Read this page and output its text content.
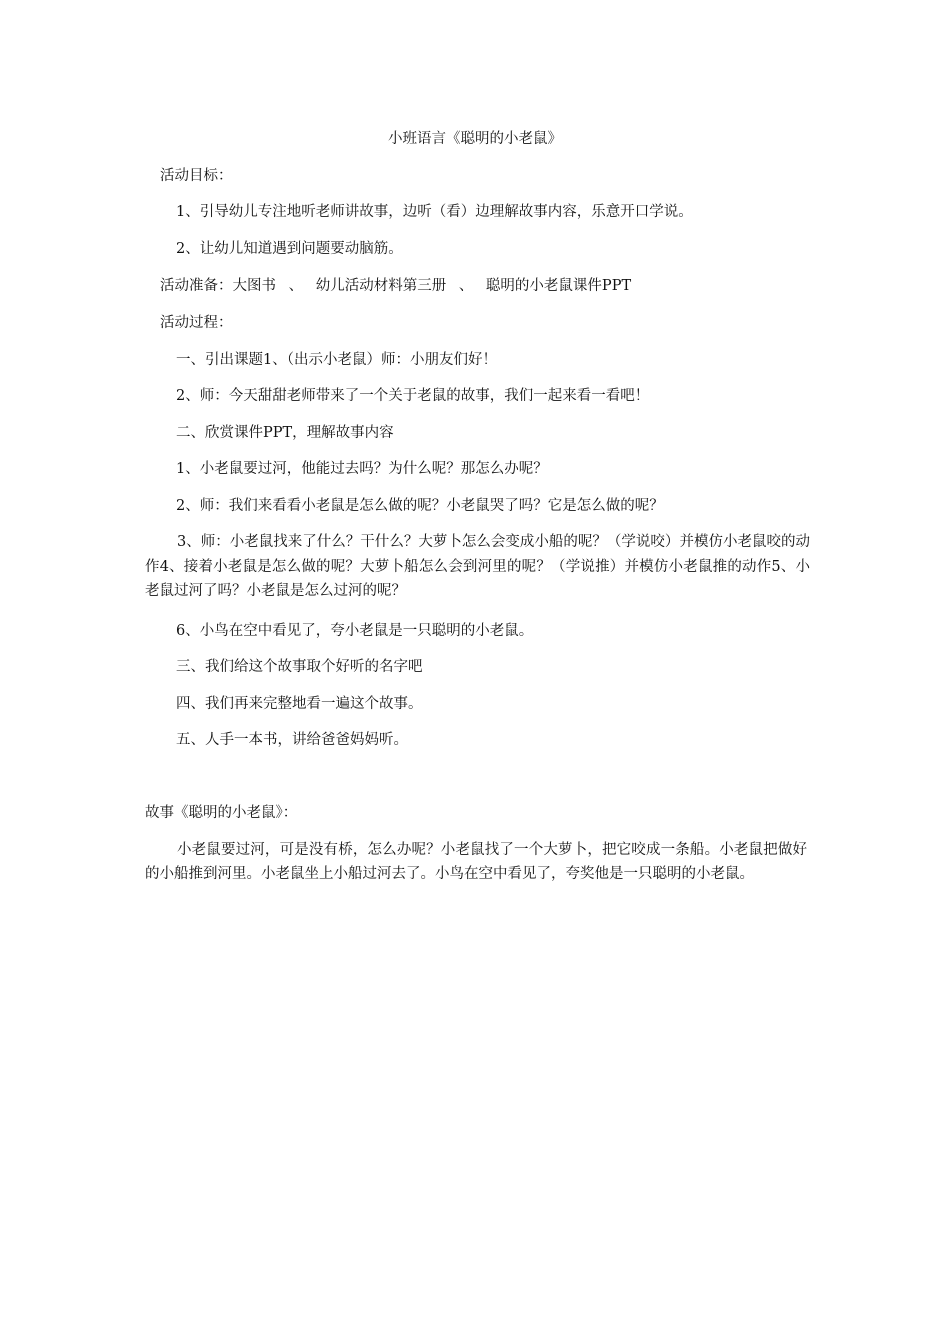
小班语言《聪明的小老鼠》
活动目标：
1、引导幼儿专注地听老师讲故事，边听（看）边理解故事内容，乐意开口学说。
2、让幼儿知道遇到问题要动脑筋。
活动准备：大图书 、 幼儿活动材料第三册 、 聪明的小老鼠课件PPT
活动过程：
一、引出课题1、（出示小老鼠）师：小朋友们好！
2、师：今天甜甜老师带来了一个关于老鼠的故事，我们一起来看一看吧！
二、欣赏课件PPT，理解故事内容
1、小老鼠要过河，他能过去吗？为什么呢？那怎么办呢？
2、师：我们来看看小老鼠是怎么做的呢？小老鼠哭了吗？它是怎么做的呢？
3、师：小老鼠找来了什么？干什么？大萝卜怎么会变成小船的呢？（学说咬）并模仿小老鼠咬的动作4、接着小老鼠是怎么做的呢？大萝卜船怎么会到河里的呢？（学说推）并模仿小老鼠推的动作5、小老鼠过河了吗？小老鼠是怎么过河的呢？
6、小鸟在空中看见了，夸小老鼠是一只聪明的小老鼠。
三、我们给这个故事取个好听的名字吧
四、我们再来完整地看一遍这个故事。
五、人手一本书，讲给爸爸妈妈听。
故事《聪明的小老鼠》：
小老鼠要过河，可是没有桥，怎么办呢？小老鼠找了一个大萝卜，把它咬成一条船。小老鼠把做好的小船推到河里。小老鼠坐上小船过河去了。小鸟在空中看见了，夸奖他是一只聪明的小老鼠。
